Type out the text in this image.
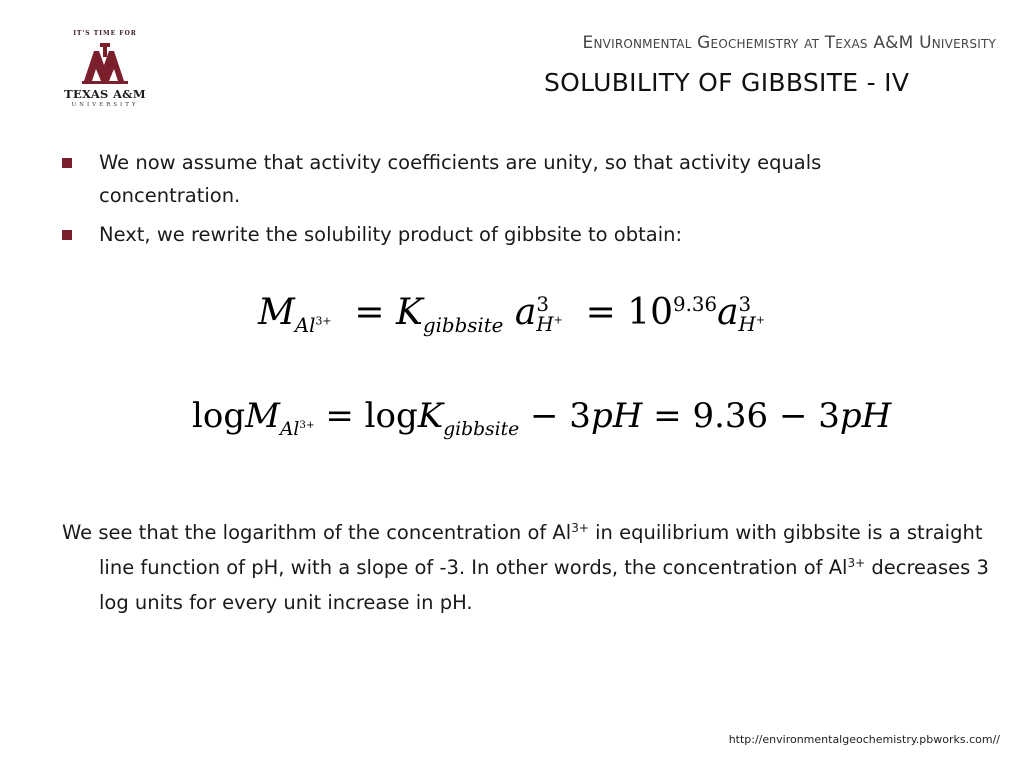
IT'S TIME FOR
TEXAS A&M
UNIVERSITY
Environmental Geochemistry at Texas A&M University
SOLUBILITY OF GIBBSITE - IV
We now assume that activity coefficients are unity, so that activity equals concentration.
Next, we rewrite the solubility product of gibbsite to obtain:
$M_{Al^{3+}} = K_{gibbsite}$ a 3
$H^+ = 10^{9.36}a$ 3
H+
logM$_{Al^{3+}}$ = logK$_{gibbsite}$ − 3pH = 9.36 − 3pH
We see that the logarithm of the concentration of $Al^{3+}$ in equilibrium with gibbsite is a straight line function of pH, with a slope of -3. In other words, the concentration of $Al^{3+}$ decreases 3 log units for every unit increase in pH.
http://environmentalgeochemistry.pbworks.com//
